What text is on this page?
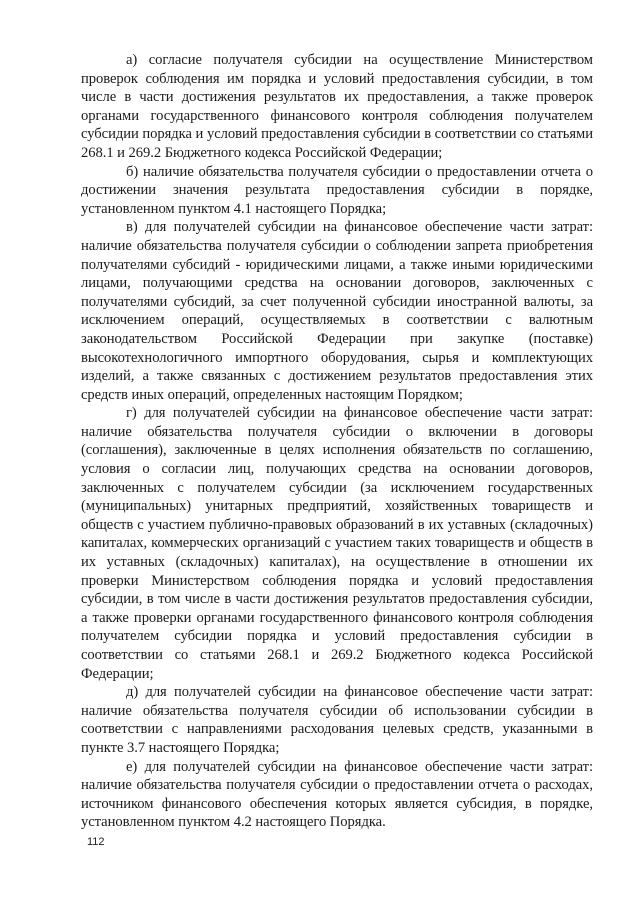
а) согласие получателя субсидии на осуществление Министерством проверок соблюдения им порядка и условий предоставления субсидии, в том числе в части достижения результатов их предоставления, а также проверок органами государственного финансового контроля соблюдения получателем субсидии порядка и условий предоставления субсидии в соответствии со статьями 268.1 и 269.2 Бюджетного кодекса Российской Федерации;

б) наличие обязательства получателя субсидии о предоставлении отчета о достижении значения результата предоставления субсидии в порядке, установленном пунктом 4.1 настоящего Порядка;

в) для получателей субсидии на финансовое обеспечение части затрат: наличие обязательства получателя субсидии о соблюдении запрета приобретения получателями субсидий - юридическими лицами, а также иными юридическими лицами, получающими средства на основании договоров, заключенных с получателями субсидий, за счет полученной субсидии иностранной валюты, за исключением операций, осуществляемых в соответствии с валютным законодательством Российской Федерации при закупке (поставке) высокотехнологичного импортного оборудования, сырья и комплектующих изделий, а также связанных с достижением результатов предоставления этих средств иных операций, определенных настоящим Порядком;

г) для получателей субсидии на финансовое обеспечение части затрат: наличие обязательства получателя субсидии о включении в договоры (соглашения), заключенные в целях исполнения обязательств по соглашению, условия о согласии лиц, получающих средства на основании договоров, заключенных с получателем субсидии (за исключением государственных (муниципальных) унитарных предприятий, хозяйственных товариществ и обществ с участием публично-правовых образований в их уставных (складочных) капиталах, коммерческих организаций с участием таких товариществ и обществ в их уставных (складочных) капиталах), на осуществление в отношении их проверки Министерством соблюдения порядка и условий предоставления субсидии, в том числе в части достижения результатов предоставления субсидии, а также проверки органами государственного финансового контроля соблюдения получателем субсидии порядка и условий предоставления субсидии в соответствии со статьями 268.1 и 269.2 Бюджетного кодекса Российской Федерации;

д) для получателей субсидии на финансовое обеспечение части затрат: наличие обязательства получателя субсидии об использовании субсидии в соответствии с направлениями расходования целевых средств, указанными в пункте 3.7 настоящего Порядка;

е) для получателей субсидии на финансовое обеспечение части затрат: наличие обязательства получателя субсидии о предоставлении отчета о расходах, источником финансового обеспечения которых является субсидия, в порядке, установленном пунктом 4.2 настоящего Порядка.

112
